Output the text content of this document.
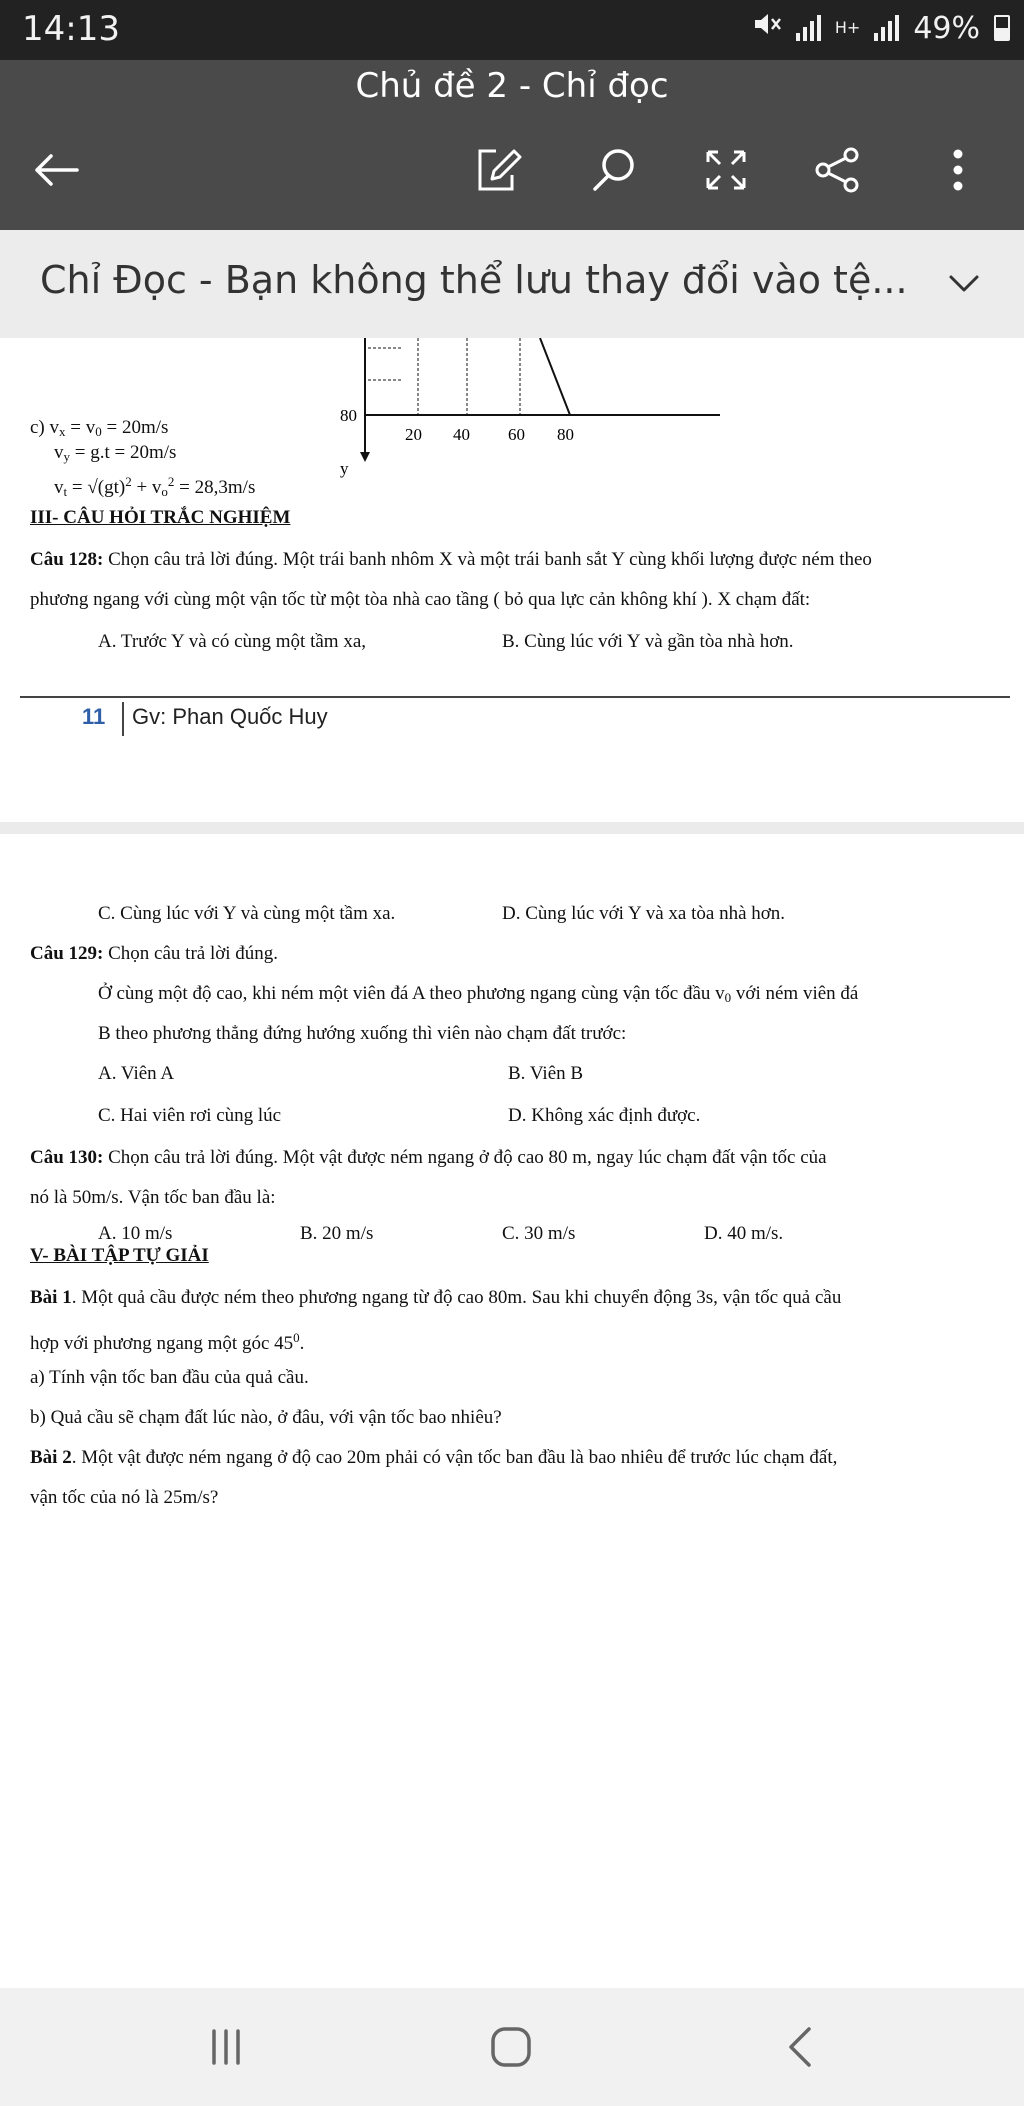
14:13	H+ 49%
Chủ đề 2 - Chỉ đọc
Chỉ Đọc - Bạn không thể lưu thay đổi vào tệ...
80
20 40 60 80
y
c) $v_x = v_0 = 20m/s$
$v_y = g.t = 20m/s$
$v_t = √(gt)^2 + v_o^2 = 28,3m/s$
III- CÂU HỎI TRẮC NGHIỆM
Câu 128: Chọn câu trả lời đúng. Một trái banh nhôm X và một trái banh sắt Y cùng khối lượng được ném theo
phương ngang với cùng một vận tốc từ một tòa nhà cao tầng ( bỏ qua lực cản không khí ). X chạm đất:
A. Trước Y và có cùng một tầm xa,	B. Cùng lúc với Y và gần tòa nhà hơn.
11 Gv: Phan Quốc Huy
C. Cùng lúc với Y và cùng một tầm xa.	D. Cùng lúc với Y và xa tòa nhà hơn.
Câu 129: Chọn câu trả lời đúng.
Ở cùng một độ cao, khi ném một viên đá A theo phương ngang cùng vận tốc đầu $v_0$ với ném viên đá
B theo phương thẳng đứng hướng xuống thì viên nào chạm đất trước:
A. Viên A	B. Viên B
C. Hai viên rơi cùng lúc	D. Không xác định được.
Câu 130: Chọn câu trả lời đúng. Một vật được ném ngang ở độ cao 80 m, ngay lúc chạm đất vận tốc của
nó là 50m/s. Vận tốc ban đầu là:
A. 10 m/s	B. 20 m/s	C. 30 m/s	D. 40 m/s.
V- BÀI TẬP TỰ GIẢI
Bài 1. Một quả cầu được ném theo phương ngang từ độ cao 80m. Sau khi chuyển động 3s, vận tốc quả cầu
hợp với phương ngang một góc $45^0$.
a) Tính vận tốc ban đầu của quả cầu.
b) Quả cầu sẽ chạm đất lúc nào, ở đâu, với vận tốc bao nhiêu?
Bài 2. Một vật được ném ngang ở độ cao 20m phải có vận tốc ban đầu là bao nhiêu để trước lúc chạm đất,
vận tốc của nó là 25m/s?
